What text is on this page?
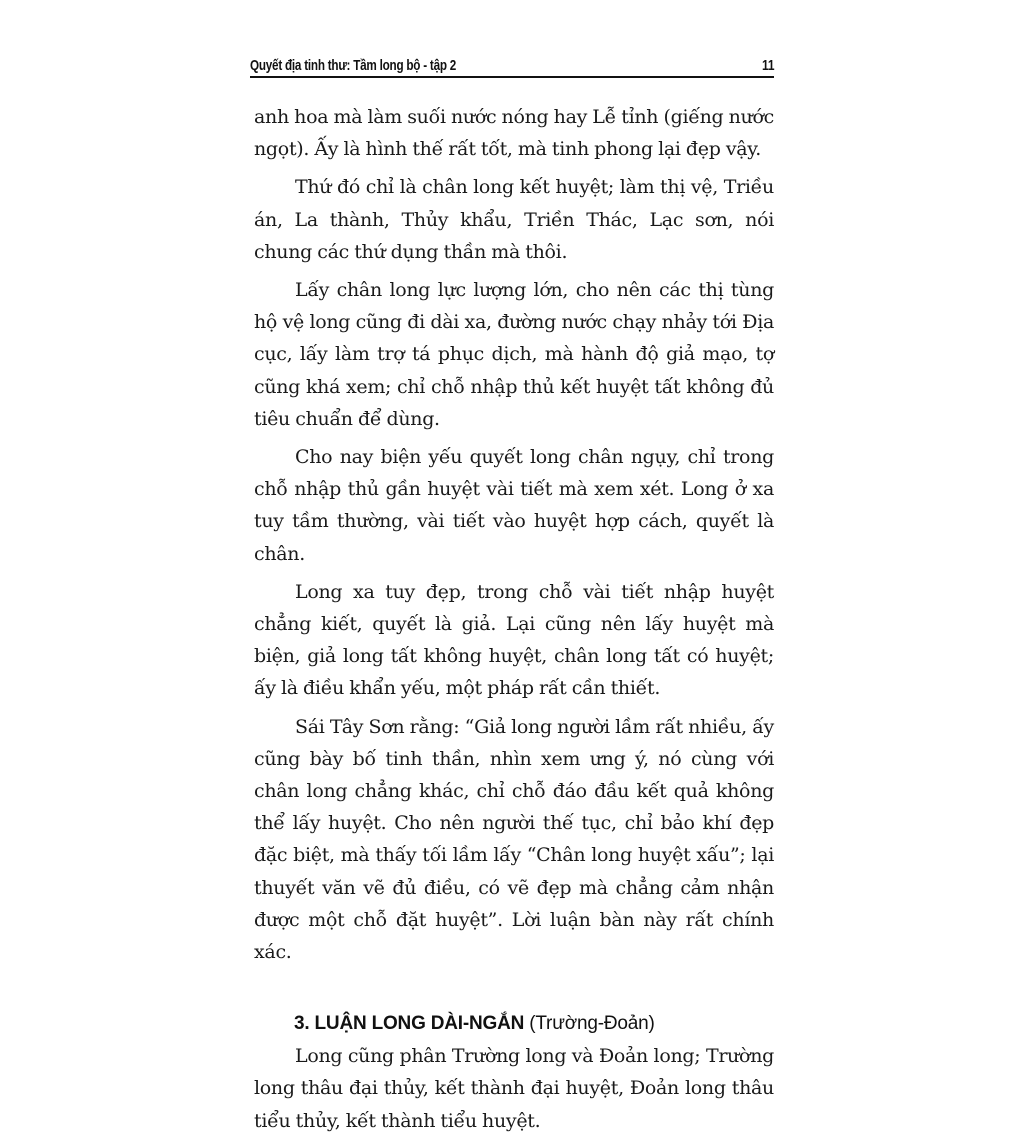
Quyết địa tinh thư: Tầm long bộ - tập 2	11

anh hoa mà làm suối nước nóng hay Lễ tỉnh (giếng nước ngọt). Ấy là hình thế rất tốt, mà tinh phong lại đẹp vậy.

Thứ đó chỉ là chân long kết huyệt; làm thị vệ, Triều án, La thành, Thủy khẩu, Triền Thác, Lạc sơn, nói chung các thứ dụng thần mà thôi.

Lấy chân long lực lượng lớn, cho nên các thị tùng hộ vệ long cũng đi dài xa, đường nước chạy nhảy tới Địa cục, lấy làm trợ tá phục dịch, mà hành độ giả mạo, tợ cũng khá xem; chỉ chỗ nhập thủ kết huyệt tất không đủ tiêu chuẩn để dùng.

Cho nay biện yếu quyết long chân ngụy, chỉ trong chỗ nhập thủ gần huyệt vài tiết mà xem xét. Long ở xa tuy tầm thường, vài tiết vào huyệt hợp cách, quyết là chân.

Long xa tuy đẹp, trong chỗ vài tiết nhập huyệt chẳng kiết, quyết là giả. Lại cũng nên lấy huyệt mà biện, giả long tất không huyệt, chân long tất có huyệt; ấy là điều khẩn yếu, một pháp rất cần thiết.

Sái Tây Sơn rằng: “Giả long người lầm rất nhiều, ấy cũng bày bố tinh thần, nhìn xem ưng ý, nó cùng với chân long chẳng khác, chỉ chỗ đáo đầu kết quả không thể lấy huyệt. Cho nên người thế tục, chỉ bảo khí đẹp đặc biệt, mà thấy tối lầm lấy “Chân long huyệt xấu”; lại thuyết văn vẽ đủ điều, có vẽ đẹp mà chẳng cảm nhận được một chỗ đặt huyệt”. Lời luận bàn này rất chính xác.

3. LUẬN LONG DÀI-NGẮN (Trường-Đoản)

Long cũng phân Trường long và Đoản long; Trường long thâu đại thủy, kết thành đại huyệt, Đoản long thâu tiểu thủy, kết thành tiểu huyệt.
